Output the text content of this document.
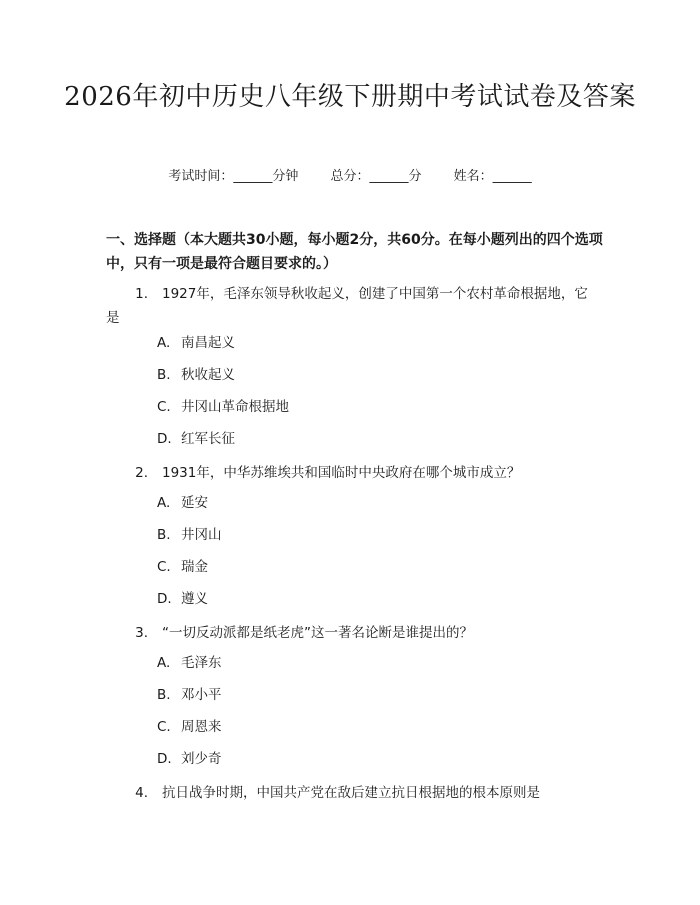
2026年初中历史八年级下册期中考试试卷及答案
考试时间：______分钟 总分：______分 姓名：______
一、选择题（本大题共30小题，每小题2分，共60分。在每小题列出的四个选项中，只有一项是最符合题目要求的。）
1. 1927年，毛泽东领导秋收起义，创建了中国第一个农村革命根据地，它是
A. 南昌起义
B. 秋收起义
C. 井冈山革命根据地
D. 红军长征
2. 1931年，中华苏维埃共和国临时中央政府在哪个城市成立？
A. 延安
B. 井冈山
C. 瑞金
D. 遵义
3. “一切反动派都是纸老虎”这一著名论断是谁提出的？
A. 毛泽东
B. 邓小平
C. 周恩来
D. 刘少奇
4. 抗日战争时期，中国共产党在敌后建立抗日根据地的根本原则是
